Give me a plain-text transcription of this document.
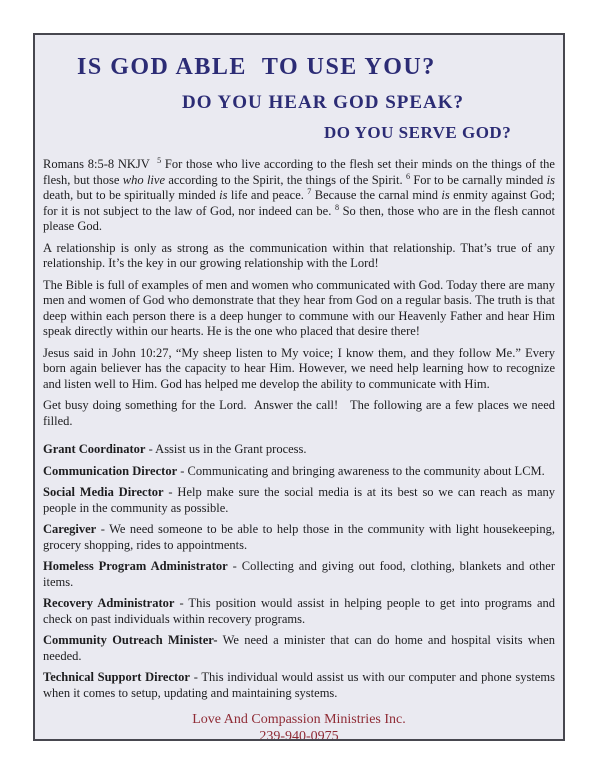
IS GOD ABLE  TO USE YOU?
DO YOU HEAR GOD SPEAK?
DO YOU SERVE GOD?

Romans 8:5-8 NKJV  $^5$ For those who live according to the flesh set their minds on the things of the flesh, but those who live according to the Spirit, the things of the Spirit. $^6$ For to be carnally minded is death, but to be spiritually minded is life and peace. $^7$ Because the carnal mind is enmity against God; for it is not subject to the law of God, nor indeed can be. $^8$ So then, those who are in the flesh cannot please God.

A relationship is only as strong as the communication within that relationship. That’s true of any relationship. It’s the key in our growing relationship with the Lord!

The Bible is full of examples of men and women who communicated with God. Today there are many men and women of God who demonstrate that they hear from God on a regular basis. The truth is that deep within each person there is a deep hunger to commune with our Heavenly Father and hear Him speak directly within our hearts. He is the one who placed that desire there!

Jesus said in John 10:27, “My sheep listen to My voice; I know them, and they follow Me.” Every born again believer has the capacity to hear Him. However, we need help learning how to recognize and listen well to Him. God has helped me develop the ability to communicate with Him.

Get busy doing something for the Lord.  Answer the call!   The following are a few places we need filled.

Grant Coordinator - Assist us in the Grant process.

Communication Director - Communicating and bringing awareness to the community about LCM.

Social Media Director - Help make sure the social media is at its best so we can reach as many people in the community as possible.

Caregiver - We need someone to be able to help those in the community with light housekeeping, grocery shopping, rides to appointments.

Homeless Program Administrator - Collecting and giving out food, clothing, blankets and other items.

Recovery Administrator - This position would assist in helping people to get into programs and check on past individuals within recovery programs.

Community Outreach Minister- We need a minister that can do home and hospital visits when needed.

Technical Support Director - This individual would assist us with our computer and phone systems when it comes to setup, updating and maintaining systems.

Love And Compassion Ministries Inc.
239-940-0975
